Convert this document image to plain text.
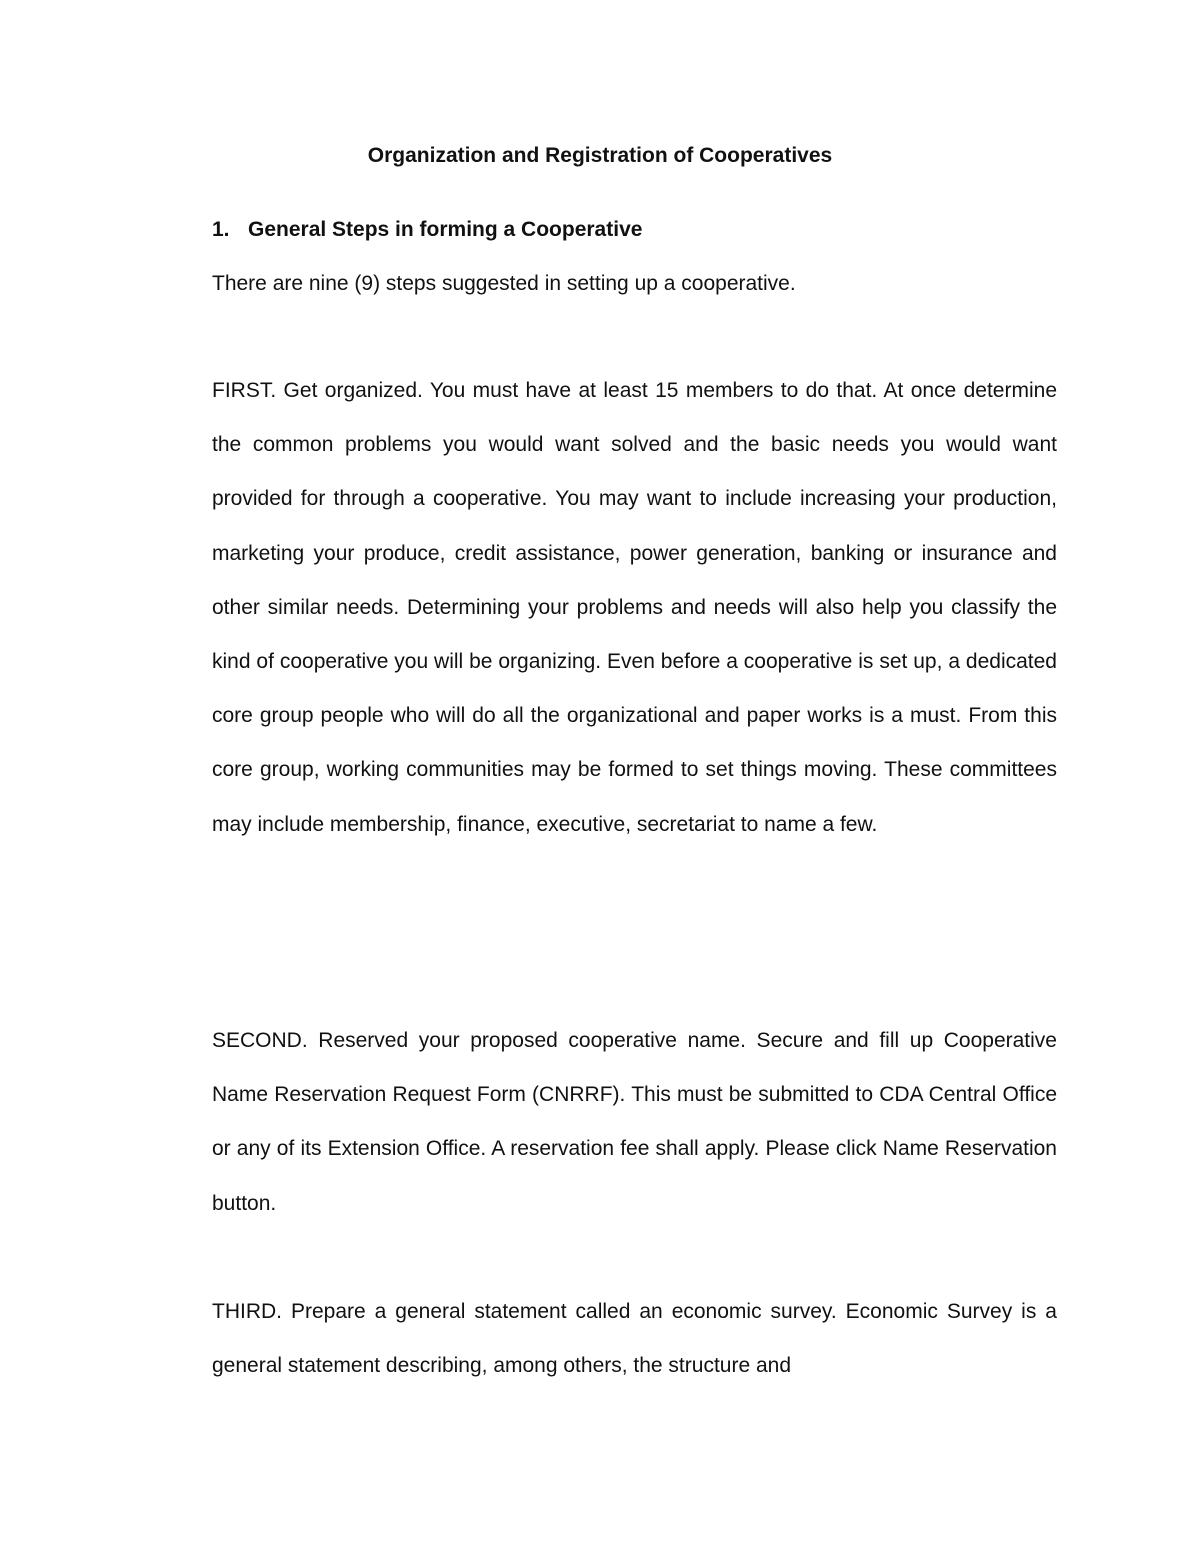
Organization and Registration of Cooperatives
1. General Steps in forming a Cooperative

There are nine (9) steps suggested in setting up a cooperative.

FIRST. Get organized. You must have at least 15 members to do that. At once determine the common problems you would want solved and the basic needs you would want provided for through a cooperative. You may want to include increasing your production, marketing your produce, credit assistance, power generation, banking or insurance and other similar needs. Determining your problems and needs will also help you classify the kind of cooperative you will be organizing. Even before a cooperative is set up, a dedicated core group people who will do all the organizational and paper works is a must. From this core group, working communities may be formed to set things moving. These committees may include membership, finance, executive, secretariat to name a few.

SECOND. Reserved your proposed cooperative name. Secure and fill up Cooperative Name Reservation Request Form (CNRRF). This must be submitted to CDA Central Office or any of its Extension Office. A reservation fee shall apply. Please click Name Reservation button.

THIRD. Prepare a general statement called an economic survey. Economic Survey is a general statement describing, among others, the structure and
